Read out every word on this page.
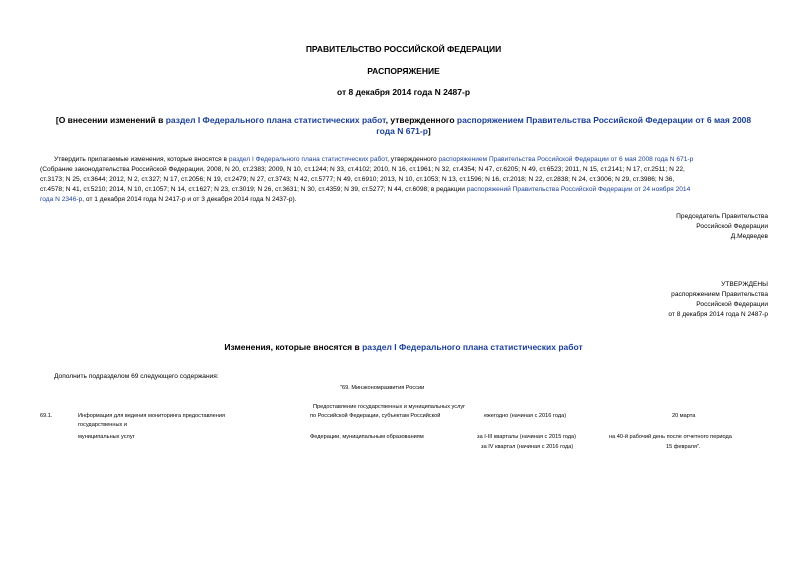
ПРАВИТЕЛЬСТВО РОССИЙСКОЙ ФЕДЕРАЦИИ
РАСПОРЯЖЕНИЕ
от 8 декабря 2014 года N 2487-р
[О внесении изменений в раздел I Федерального плана статистических работ, утвержденного распоряжением Правительства Российской Федерации от 6 мая 2008
года N 671-р]
Утвердить прилагаемые изменения, которые вносятся в раздел I Федерального плана статистических работ, утвержденного распоряжением Правительства Российской Федерации от 6 мая 2008 года N 671-р
(Собрание законодательства Российской Федерации, 2008, N 20, ст.2383; 2009, N 10, ст.1244; N 33, ст.4102; 2010, N 16, ст.1961; N 32, ст.4354; N 47, ст.6205; N 49, ст.6523; 2011, N 15, ст.2141; N 17, ст.2511; N 22,
ст.3173; N 25, ст.3644; 2012, N 2, ст.327; N 17, ст.2056; N 19, ст.2479; N 27, ст.3743; N 42, ст.5777; N 49, ст.6910; 2013, N 10, ст.1053; N 13, ст.1596; N 16, ст.2018; N 22, ст.2838; N 24, ст.3006; N 29, ст.3986; N 36,
ст.4578; N 41, ст.5210; 2014, N 10, ст.1057; N 14, ст.1627; N 23, ст.3019; N 26, ст.3631; N 30, ст.4359; N 39, ст.5277; N 44, ст.6098; в редакции распоряжений Правительства Российской Федерации от 24 ноября 2014
года N 2346-р, от 1 декабря 2014 года N 2417-р и от 3 декабря 2014 года N 2437-р).
Председатель Правительства
Российской Федерации
Д.Медведев
УТВЕРЖДЕНЫ
распоряжением Правительства
Российской Федерации
от 8 декабря 2014 года N 2487-р
Изменения, которые вносятся в раздел I Федерального плана статистических работ
Дополнить подразделом 69 следующего содержания:
"69. Минэкономразвития России
Предоставление государственных и муниципальных услуг
69.1.	Информация для ведения мониторинга предоставления
государственных и
муниципальных услуг
по Российской Федерации, субъектам Российской
Федерации, муниципальным образованиям
ежегодно (начиная с 2016 года)
за I-III кварталы (начиная с 2015 года)
за IV квартал (начиная с 2016 года)
20 марта
на 40-й рабочий день после отчетного периода
15 февраля".
